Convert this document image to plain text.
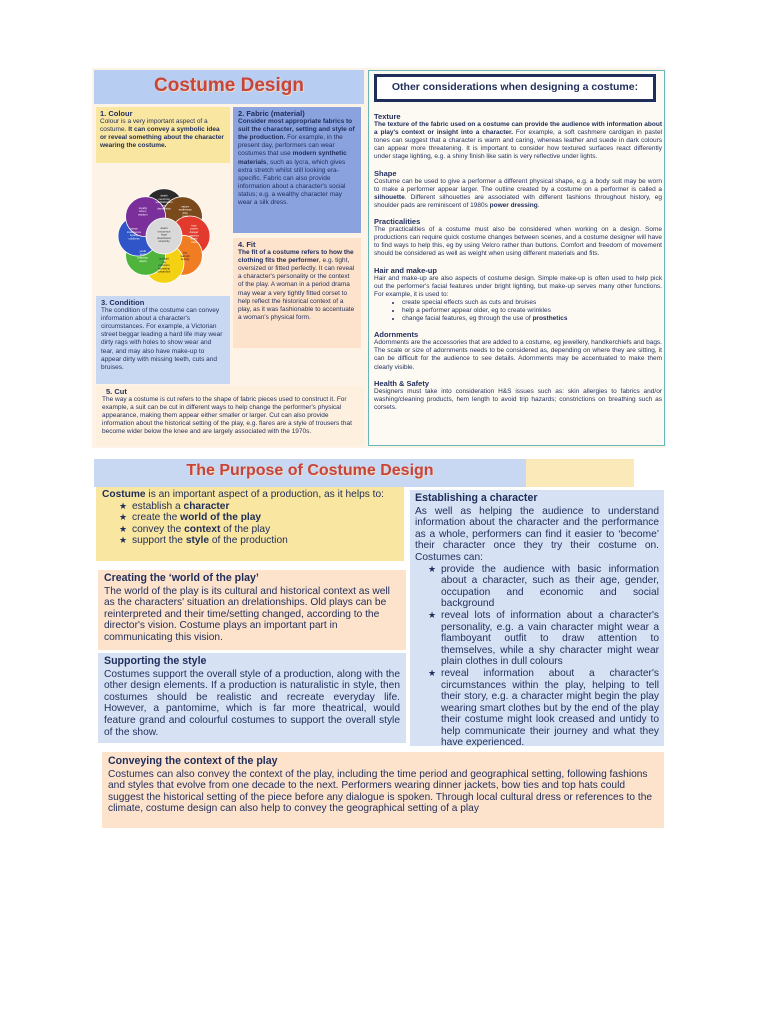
Costume Design

1. Colour

Colour is a very important aspect of a costume. It can convey a symbolic idea or reveal something about the character wearing the costume.

death mourning sophistication fear depression
nature earthiness dirty poor
love power danger passion anger heat
joy warmth energy
sunlight joy optimism friendship cowardice
youth envy jealousy nature
peace intelligence loyalty coldness
royalty luxury wisdom
death innocence hope cleanliness simplicity

2. Fabric (material)

Consider most appropriate fabrics to suit the character, setting and style of the production. For example, in the present day, performers can wear costumes that use modern synthetic materials, such as lycra, which gives extra stretch whilst still looking era-specific. Fabric can also provide information about a character's social status; e.g. a wealthy character may wear a silk dress.

4. Fit

The fit of a costume refers to how the clothing fits the performer, e.g. tight, oversized or fitted perfectly. It can reveal a character's personality or the context of the play. A woman in a period drama may wear a very tightly fitted corset to help reflect the historical context of a play, as it was fashionable to accentuate a woman's physical form.

3. Condition

The condition of the costume can convey information about a character's circumstances. For example, a Victorian street beggar leading a hard life may wear dirty rags with holes to show wear and tear, and may also have make-up to appear dirty with missing teeth, cuts and bruises.

5. Cut

The way a costume is cut refers to the shape of fabric pieces used to construct it. For example, a suit can be cut in different ways to help change the performer's physical appearance, making them appear either smaller or larger. Cut can also provide information about the historical setting of the play, e.g. flares are a style of trousers that become wider below the knee and are largely associated with the 1970s.

Other considerations when designing a costume:

Texture

The texture of the fabric used on a costume can provide the audience with information about a play's context or insight into a character. For example, a soft cashmere cardigan in pastel tones can suggest that a character is warm and caring, whereas leather and suede in dark colours can appear more threatening. It is important to consider how textured surfaces react differently under stage lighting, e.g. a shiny finish like satin is very reflective under lights.

Shape

Costume can be used to give a performer a different physical shape, e.g. a body suit may be worn to make a performer appear larger. The outline created by a costume on a performer is called a silhouette. Different silhouettes are associated with different fashions throughout history, eg shoulder pads are reminiscent of 1980s power dressing.

Practicalities

The practicalities of a costume must also be considered when working on a design. Some productions can require quick costume changes between scenes, and a costume designer will have to find ways to help this, eg by using Velcro rather than buttons. Comfort and freedom of movement should be considered as well as weight when using different materials and fits.

Hair and make-up

Hair and make-up are also aspects of costume design. Simple make-up is often used to help pick out the performer's facial features under bright lighting, but make-up serves many other functions. For example, it is used to:

• create special effects such as cuts and bruises
• help a performer appear older, eg to create wrinkles
• change facial features, eg through the use of prosthetics

Adornments

Adornments are the accessories that are added to a costume, eg jewellery, handkerchiefs and bags. The scale or size of adornments needs to be considered as, depending on where they are sitting, it can be difficult for the audience to see details. Adornments may be accentuated to make them clearly visible.

Health & Safety

Designers must take into consideration H&S issues such as: skin allergies to fabrics and/or washing/cleaning products, hem length to avoid trip hazards; constrictions on breathing such as corsets.

The Purpose of Costume Design

Costume is an important aspect of a production, as it helps to:

★ establish a character
★ create the world of the play
★ convey the context of the play
★ support the style of the production
Creating the ‘world of the play’

The world of the play is its cultural and historical context as well as the characters' situation an drelationships. Old plays can be reinterpreted and their time/setting changed, according to the director's vision. Costume plays an important part in communicating this vision.

Supporting the style

Costumes support the overall style of a production, along with the other design elements. If a production is naturalistic in style, then costumes should be realistic and recreate everyday life. However, a pantomime, which is far more theatrical, would feature grand and colourful costumes to support the overall style of the show.

Establishing a character

As well as helping the audience to understand information about the character and the performance as a whole, performers can find it easier to ‘become’ their character once they try their costume on. Costumes can:

★ provide the audience with basic information about a character, such as their age, gender, occupation and economic and social background
★ reveal lots of information about a character's personality, e.g. a vain character might wear a flamboyant outfit to draw attention to themselves, while a shy character might wear plain clothes in dull colours
★ reveal information about a character's circumstances within the play, helping to tell their story, e.g. a character might begin the play wearing smart clothes but by the end of the play their costume might look creased and untidy to help communicate their journey and what they have experienced.
Conveying the context of the play

Costumes can also convey the context of the play, including the time period and geographical setting, following fashions and styles that evolve from one decade to the next. Performers wearing dinner jackets, bow ties and top hats could suggest the historical setting of the piece before any dialogue is spoken. Through local cultural dress or references to the climate, costume design can also help to convey the geographical setting of a play
